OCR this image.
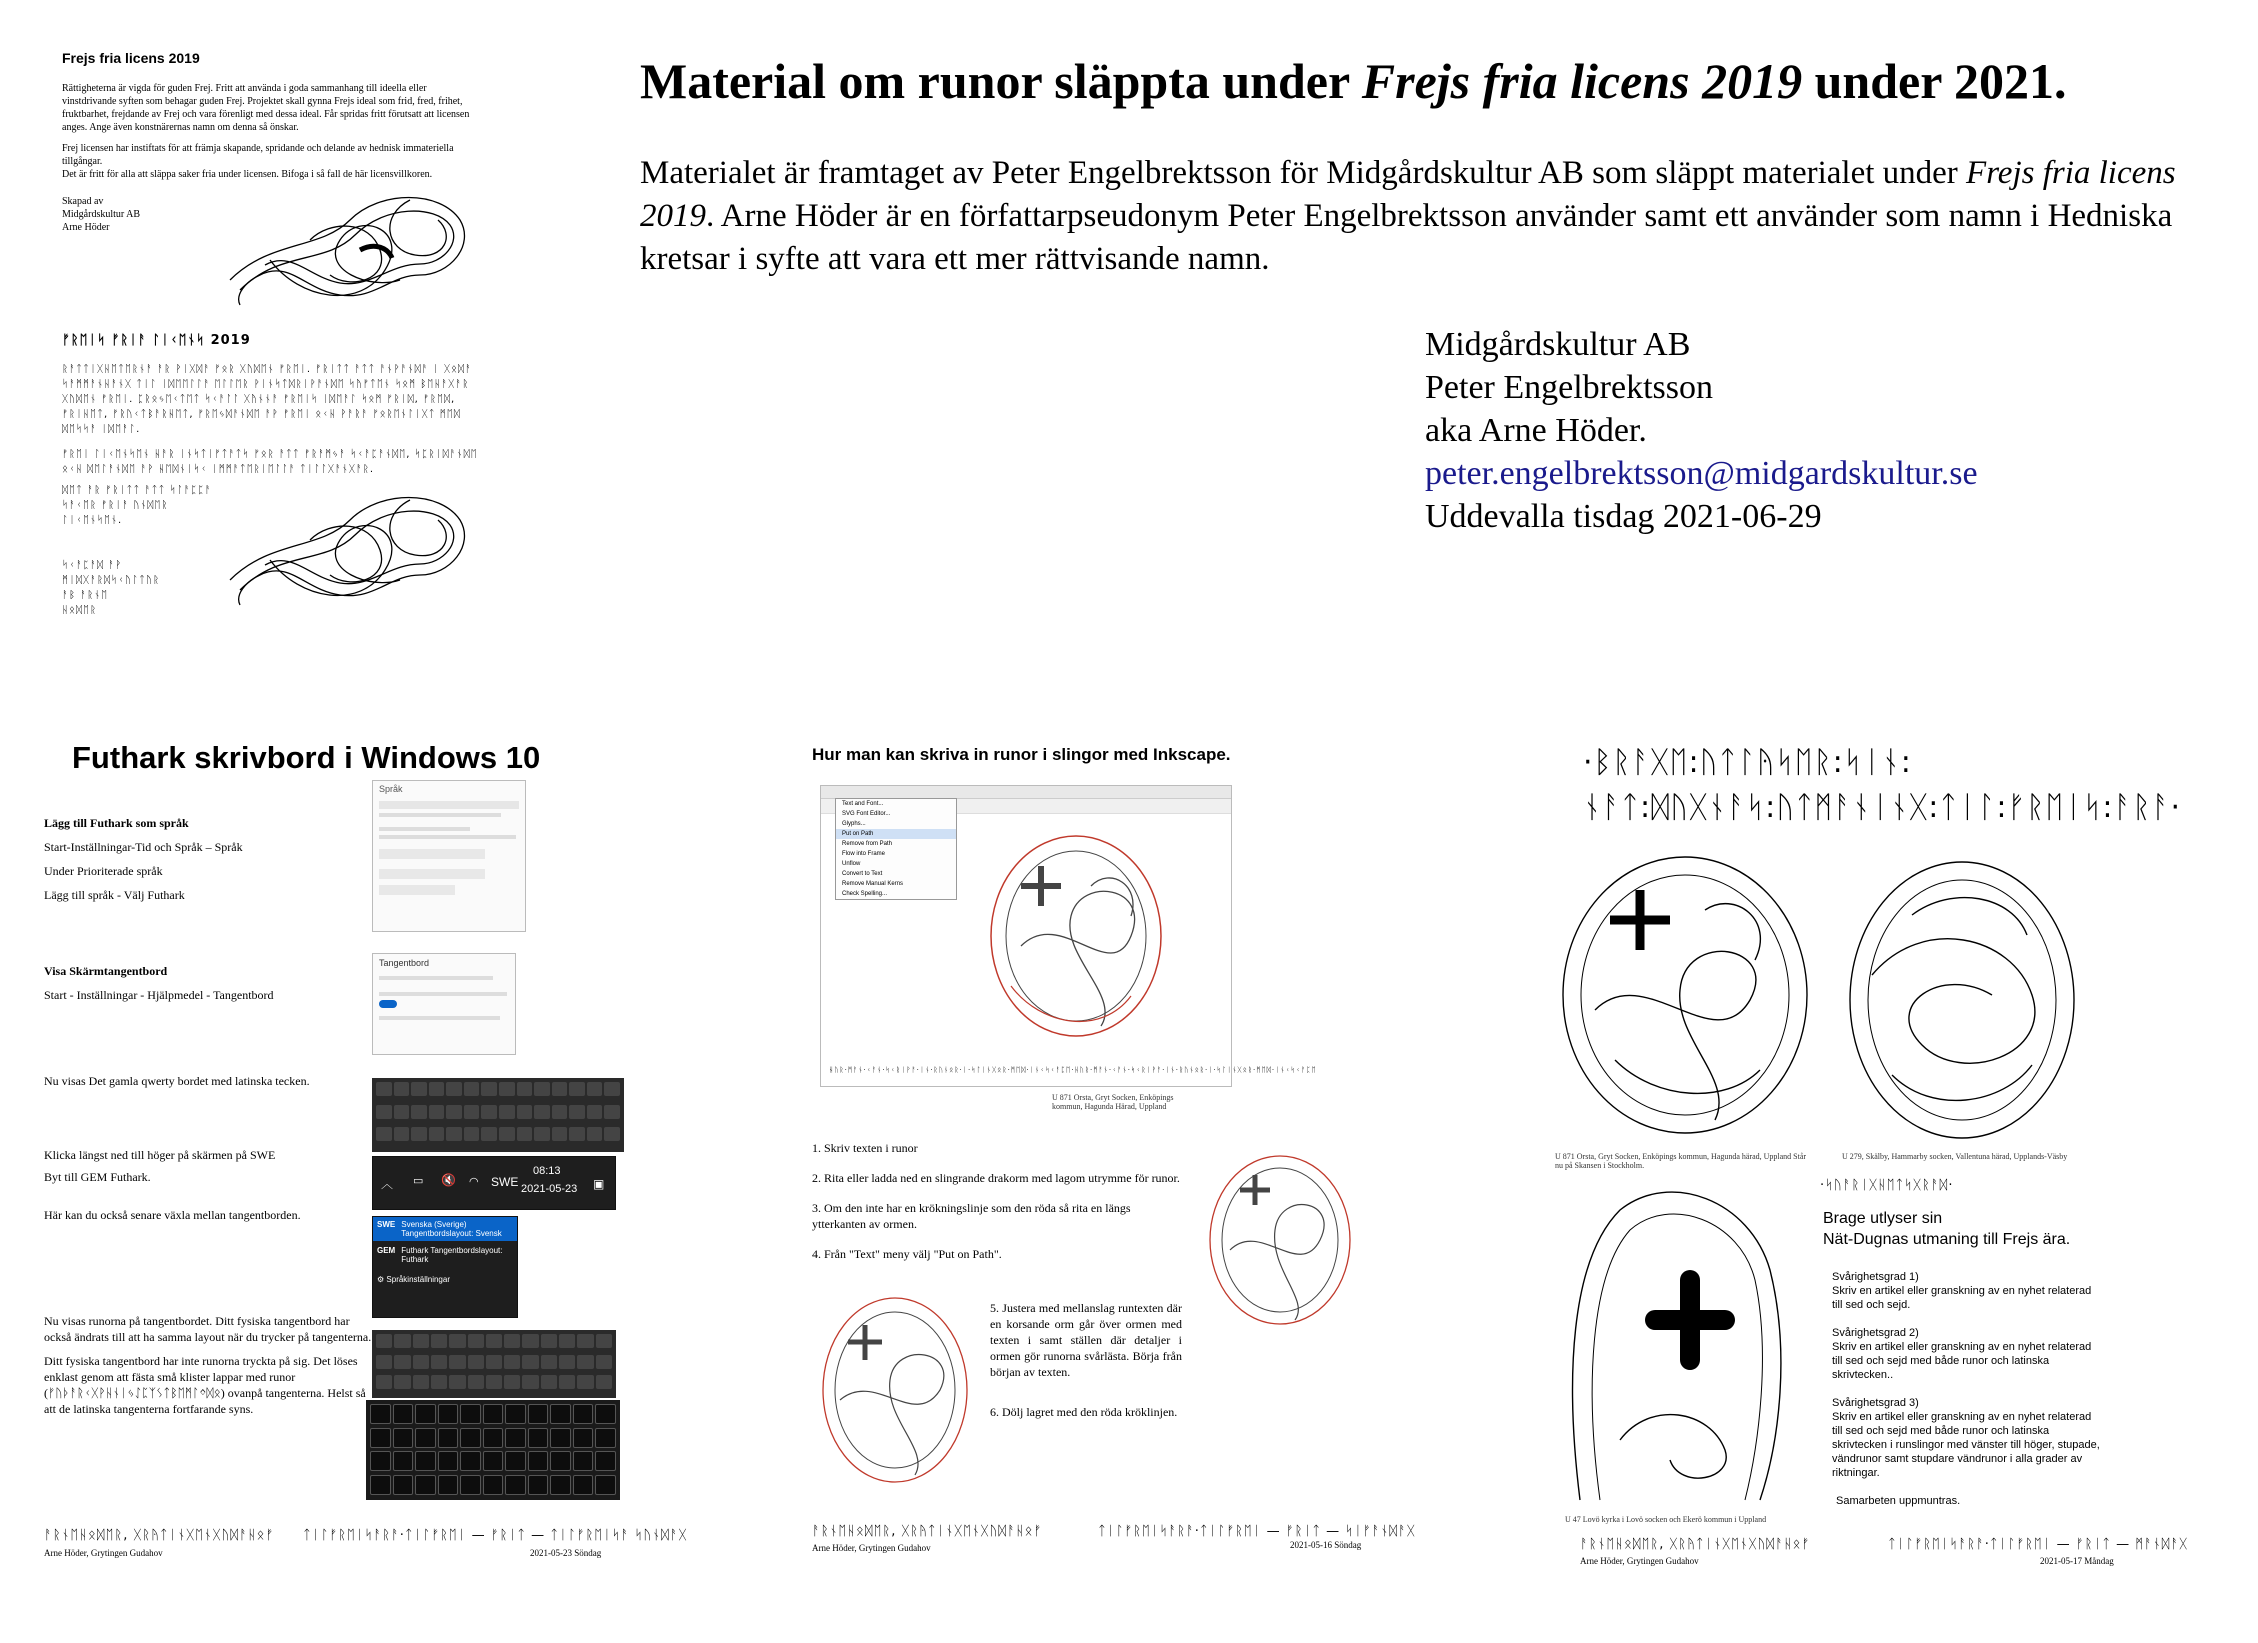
Material om runor släppta under Frejs fria licens 2019 under 2021.
Materialet är framtaget av Peter Engelbrektsson för Midgårdskultur AB som släppt materialet under Frejs fria licens 2019. Arne Höder är en författarpseudonym Peter Engelbrektsson använder samt ett använder som namn i Hedniska kretsar i syfte att vara ett mer rättvisande namn.
Midgårdskultur AB
Peter Engelbrektsson
aka Arne Höder.
peter.engelbrektsson@midgardskultur.se
Uddevalla tisdag 2021-06-29
Frejs fria licens 2019
Rättigheterna är vigda för guden Frej. Fritt att använda i goda sammanhang till ideella eller vinstdrivande syften som behagar guden Frej. Projektet skall gynna Frejs ideal som frid, fred, frihet, fruktbarhet, frejdande av Frej och vara förenligt med dessa ideal. Får spridas fritt förutsatt att licensen anges. Ange även konstnärernas namn om denna så önskar.
Frej licensen har instiftats för att främja skapande, spridande och delande av hednisk immateriella tillgångar.
Det är fritt för alla att släppa saker fria under licensen. Bifoga i så fall de här licensvillkoren.
Skapad av
Midgårdskultur AB
Arne Höder
ᚠᚱᛖᛁᛋ ᚠᚱᛁᚨ ᛚᛁᚲᛖᚾᛋ 2019
ᚱᚨᛏᛏᛁᚷᚺᛖᛏᛖᚱᚾᚨ ᚨᚱ ᚹᛁᚷᛞᚨ ᚠᛟᚱ ᚷᚢᛞᛖᚾ ᚠᚱᛖᛁ. ᚠᚱᛁᛏᛏ ᚨᛏᛏ ᚨᚾᚹᚨᚾᛞᚨ ᛁ ᚷᛟᛞᚨ ᛋᚨᛗᛗᚨᚾᚺᚨᚾᚷ ᛏᛁᛚ ᛁᛞᛖᛖᛚᛚᚨ ᛖᛚᛚᛖᚱ ᚹᛁᚾᛋᛏᛞᚱᛁᚹᚨᚾᛞᛖ ᛋᚤᚠᛏᛖᚾ ᛋᛟᛗ ᛒᛖᚺᚨᚷᚨᚱ ᚷᚢᛞᛖᚾ ᚠᚱᛖᛁ. ᛈᚱᛟᛃᛖᚲᛏᛖᛏ ᛋᚲᚨᛚᛚ ᚷᚤᚾᚾᚨ ᚠᚱᛖᛁᛋ ᛁᛞᛖᚨᛚ ᛋᛟᛗ ᚠᚱᛁᛞ, ᚠᚱᛖᛞ, ᚠᚱᛁᚺᛖᛏ, ᚠᚱᚢᚲᛏᛒᚨᚱᚺᛖᛏ, ᚠᚱᛖᛃᛞᚨᚾᛞᛖ ᚨᚹ ᚠᚱᛖᛁ ᛟᚲᚺ ᚹᚨᚱᚨ ᚠᛟᚱᛖᚾᛚᛁᚷᛏ ᛗᛖᛞ ᛞᛖᛋᛋᚨ ᛁᛞᛖᚨᛚ.
ᚠᚱᛖᛁ ᛚᛁᚲᛖᚾᛋᛖᚾ ᚺᚨᚱ ᛁᚾᛋᛏᛁᚠᛏᚨᛏᛋ ᚠᛟᚱ ᚨᛏᛏ ᚠᚱᚨᛗᛃᚨ ᛋᚲᚨᛈᚨᚾᛞᛖ, ᛋᛈᚱᛁᛞᚨᚾᛞᛖ ᛟᚲᚺ ᛞᛖᛚᚨᚾᛞᛖ ᚨᚹ ᚺᛖᛞᚾᛁᛋᚲ ᛁᛗᛗᚨᛏᛖᚱᛁᛖᛚᛚᚨ ᛏᛁᛚᛚᚷᚨᚾᚷᚨᚱ.
ᛞᛖᛏ ᚨᚱ ᚠᚱᛁᛏᛏ ᚨᛏᛏ ᛋᛚᚨᛈᛈᚨ ᛋᚨᚲᛖᚱ ᚠᚱᛁᚨ ᚢᚾᛞᛖᚱ ᛚᛁᚲᛖᚾᛋᛖᚾ.
ᛋᚲᚨᛈᚨᛞ ᚨᚹ ᛗᛁᛞᚷᚨᚱᛞᛋᚲᚢᛚᛏᚢᚱ ᚨᛒ ᚨᚱᚾᛖ ᚺᛟᛞᛖᚱ
Futhark skrivbord i Windows 10
Lägg till Futhark som språk
Start-Inställningar-Tid och Språk – Språk
Under Prioriterade språk
Lägg till språk - Välj Futhark
Visa Skärmtangentbord
Start - Inställningar - Hjälpmedel - Tangentbord
Nu visas Det gamla qwerty bordet med latinska tecken.
Klicka längst ned till höger på skärmen på SWE
Byt till GEM Futhark.
Här kan du också senare växla mellan tangentborden.
Nu visas runorna på tangentbordet. Ditt fysiska tangentbord har också ändrats till att ha samma layout när du trycker på tangenterna.
Ditt fysiska tangentbord har inte runorna tryckta på sig. Det löses enklast genom att fästa små klister lappar med runor (ᚠᚢᚦᚨᚱᚲᚷᚹᚺᚾᛁᛃᛇᛈᛉᛊᛏᛒᛖᛗᛚᛜᛞᛟ) ovanpå tangenterna. Helst så att de latinska tangenterna fortfarande syns.
Språk
Tangentbord
︿ ▭ 🔇 ◠ SWE
08:13
2021-05-23 ▣
SWE Svenska (Sverige) Tangentbordslayout: Svensk
GEM Futhark Tangentbordslayout: Futhark
⚙ Språkinställningar
ᚨᚱᚾᛖᚺᛟᛞᛖᚱ, ᚷᚱᚤᛏᛁᚾᚷᛖᚾᚷᚢᛞᚨᚺᛟᚠ
Arne Höder, Grytingen Gudahov
ᛏᛁᛚᚠᚱᛖᛁᛋᚨᚱᚨ·ᛏᛁᛚᚠᚱᛖᛁ — ᚠᚱᛁᛏ — ᛏᛁᛚᚠᚱᛖᛁᛋᚨ ᛋᚢᚾᛞᚨᚷ
2021-05-23 Söndag
Hur man kan skriva in runor i slingor med Inkscape.
Text and Font...
SVG Font Editor...
Glyphs...
Put on Path
Remove from Path
Flow into Frame
Unflow
Convert to Text
Remove Manual Kerns
Check Spelling...
ᚺᚢᚱ·ᛗᚨᚾ·ᚲᚨᚾ·ᛋᚲᚱᛁᚹᚨ·ᛁᚾ·ᚱᚢᚾᛟᚱ·ᛁ·ᛋᛚᛁᚾᚷᛟᚱ·ᛗᛖᛞ·ᛁᚾᚲᛋᚲᚨᛈᛖ·ᚺᚢᚱ·ᛗᚨᚾ·ᚲᚨᚾ·ᛋᚲᚱᛁᚹᚨ·ᛁᚾ·ᚱᚢᚾᛟᚱ·ᛁ·ᛋᛚᛁᚾᚷᛟᚱ·ᛗᛖᛞ·ᛁᚾᚲᛋᚲᚨᛈᛖ
U 871 Orsta, Gryt Socken, Enköpings kommun, Hagunda Härad, Uppland
1. Skriv texten i runor
2. Rita eller ladda ned en slingrande drakorm med lagom utrymme för runor.
3. Om den inte har en krökningslinje som den röda så rita en längs ytterkanten av ormen.
4. Från "Text" meny välj "Put on Path".
5. Justera med mellanslag runtexten där en korsande orm går över ormen med texten i samt ställen där detaljer i ormen gör runorna svårlästa. Börja från början av texten.
6. Dölj lagret med den röda kröklinjen.
ᚨᚱᚾᛖᚺᛟᛞᛖᚱ, ᚷᚱᚤᛏᛁᚾᚷᛖᚾᚷᚢᛞᚨᚺᛟᚠ
Arne Höder, Grytingen Gudahov
ᛏᛁᛚᚠᚱᛖᛁᛋᚨᚱᚨ·ᛏᛁᛚᚠᚱᛖᛁ — ᚠᚱᛁᛏ — ᛋᛁᚠᚨᚾᛞᚨᚷ
2021-05-16 Söndag
·ᛒᚱᚨᚷᛖ:ᚢᛏᛚᚤᛋᛖᚱ:ᛋᛁᚾ:
ᚾᚨᛏ:ᛞᚢᚷᚾᚨᛋ:ᚢᛏᛗᚨᚾᛁᚾᚷ:ᛏᛁᛚ:ᚠᚱᛖᛁᛋ:ᚨᚱᚨ·
U 871 Orsta, Gryt Socken, Enköpings kommun, Hagunda härad, Uppland Står nu på Skansen i Stockholm.
U 279, Skälby, Hammarby socken, Vallentuna härad, Upplands-Väsby
U 47 Lovö kyrka i Lovö socken och Ekerö kommun i Uppland
·ᛋᚢᚨᚱᛁᚷᚺᛖᛏᛋᚷᚱᚨᛞ·
Brage utlyser sin
Nät-Dugnas utmaning till Frejs ära.
Svårighetsgrad 1)
Skriv en artikel eller granskning av en nyhet relaterad till sed och sejd.
Svårighetsgrad 2)
Skriv en artikel eller granskning av en nyhet relaterad till sed och sejd med både runor och latinska skrivtecken..
Svårighetsgrad 3)
Skriv en artikel eller granskning av en nyhet relaterad till sed och sejd med både runor och latinska skrivtecken i runslingor med vänster till höger, stupade, vändrunor samt stupdare vändrunor i alla grader av riktningar.
Samarbeten uppmuntras.
ᚨᚱᚾᛖᚺᛟᛞᛖᚱ, ᚷᚱᚤᛏᛁᚾᚷᛖᚾᚷᚢᛞᚨᚺᛟᚠ
Arne Höder, Grytingen Gudahov
ᛏᛁᛚᚠᚱᛖᛁᛋᚨᚱᚨ·ᛏᛁᛚᚠᚱᛖᛁ — ᚠᚱᛁᛏ — ᛗᚨᚾᛞᚨᚷ
2021-05-17 Måndag
